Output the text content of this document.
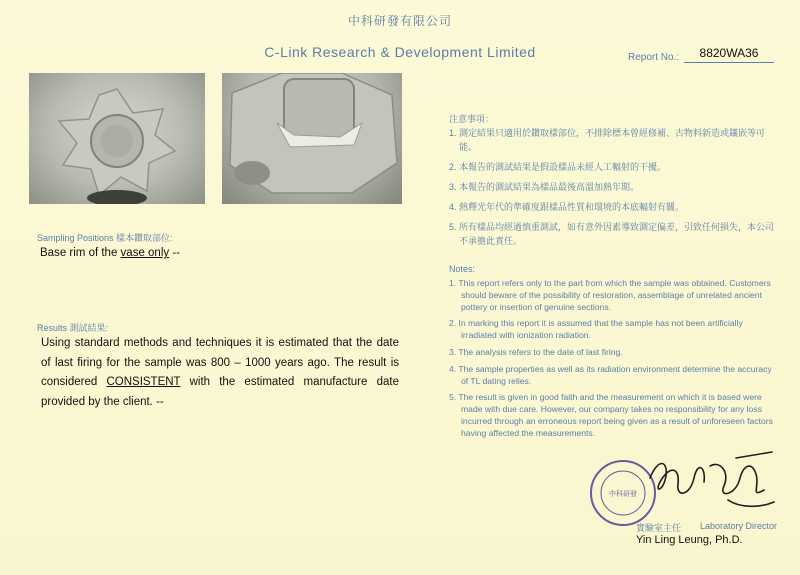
中科研發有限公司
C-Link Research & Development Limited	Report No.:	8820WA36
Sampling Positions 樣本鑽取部位:
Base rim of the vase only --
Results 測試結果:
Using standard methods and techniques it is estimated that the date of last firing for the sample was 800 – 1000 years ago. The result is considered CONSISTENT with the estimated manufacture date provided by the client. --
注意事項：
1. 測定結果只適用於鑽取樣部位，不排除標本曾經修補、古物料新造或鑲嵌等可能。
2. 本報告的測試結果是假設樣品未經人工輻射的干擾。
3. 本報告的測試結果為樣品最後高溫加熱年期。
4. 熱釋光年代的準確度跟樣品性質和環境的本底輻射有關。
5. 所有樣品均經過慎重測試，如有意外因素導致測定偏差，引致任何損失，本公司不承擔此責任。
Notes:
1. This report refers only to the part from which the sample was obtained. Customers should beware of the possibility of restoration, assemblage of unrelated ancient pottery or insertion of genuine sections.
2. In marking this report it is assumed that the sample has not been artificially irradiated with ionization radiation.
3. The analysis refers to the date of last firing.
4. The sample properties as well as its radiation environment determine the accuracy of TL dating relies.
5. The result is given in good faith and the measurement on which it is based were made with due care. However, our company takes no responsibility for any loss incurred through an erroneous report being given as a result of unforeseen factors having affected the measurements.
中科研發
實驗室主任 Laboratory Director
Yin Ling Leung, Ph.D.
